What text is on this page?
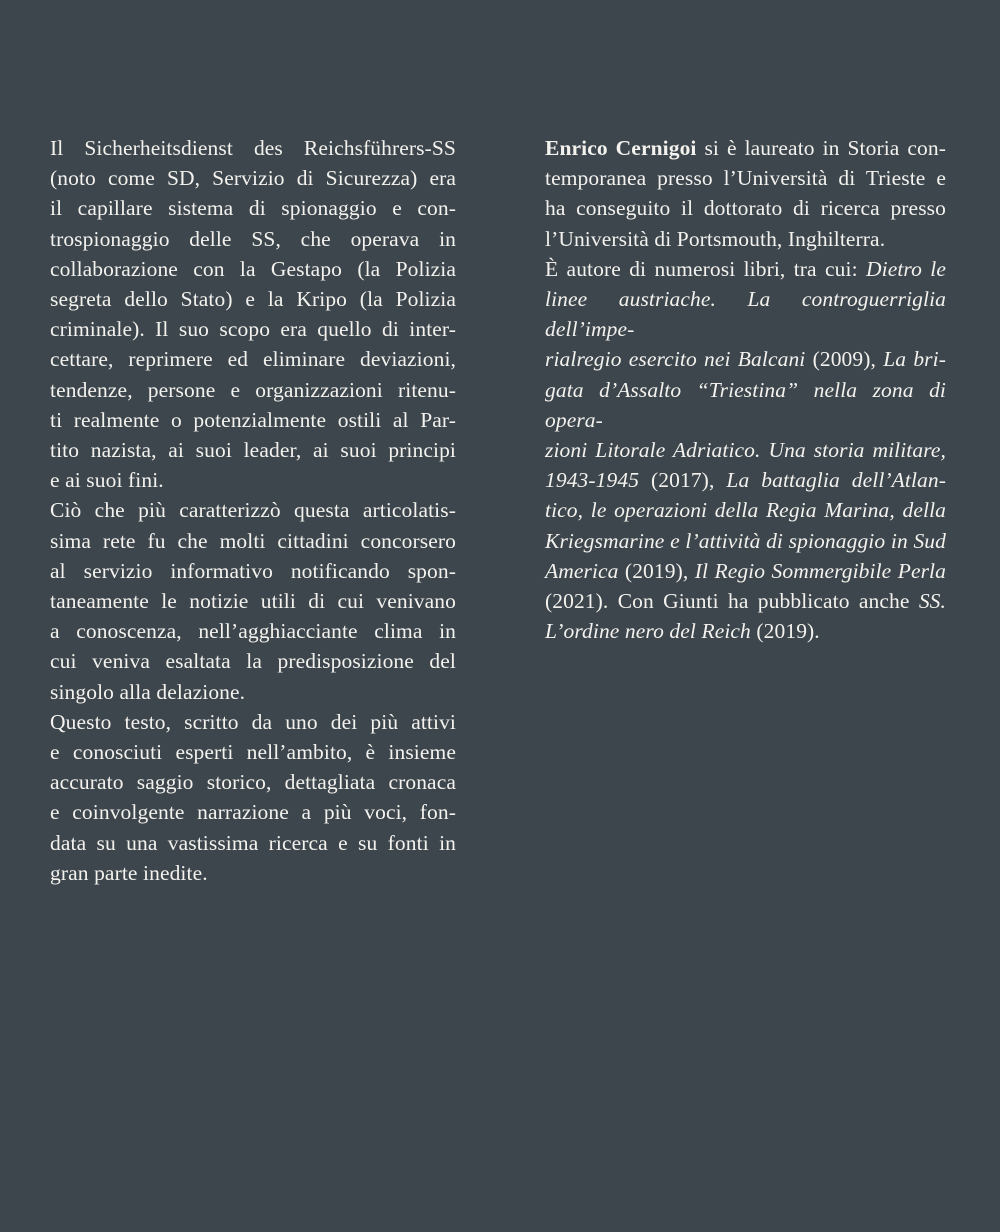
Il Sicherheitsdienst des Reichsführers-SS
(noto come SD, Servizio di Sicurezza) era
il capillare sistema di spionaggio e con-
trospionaggio delle SS, che operava in
collaborazione con la Gestapo (la Polizia
segreta dello Stato) e la Kripo (la Polizia
criminale). Il suo scopo era quello di inter-
cettare, reprimere ed eliminare deviazioni,
tendenze, persone e organizzazioni ritenu-
ti realmente o potenzialmente ostili al Par-
tito nazista, ai suoi leader, ai suoi principi
e ai suoi fini.
Ciò che più caratterizzò questa articolatis-
sima rete fu che molti cittadini concorsero
al servizio informativo notificando spon-
taneamente le notizie utili di cui venivano
a conoscenza, nell’agghiacciante clima in
cui veniva esaltata la predisposizione del
singolo alla delazione.
Questo testo, scritto da uno dei più attivi
e conosciuti esperti nell’ambito, è insieme
accurato saggio storico, dettagliata cronaca
e coinvolgente narrazione a più voci, fon-
data su una vastissima ricerca e su fonti in
gran parte inedite.
Enrico Cernigoi si è laureato in Storia con-
temporanea presso l’Università di Trieste e
ha conseguito il dottorato di ricerca presso
l’Università di Portsmouth, Inghilterra.
È autore di numerosi libri, tra cui: Dietro le
linee austriache. La controguerriglia dell’impe-
rialregio esercito nei Balcani (2009), La bri-
gata d’Assalto “Triestina” nella zona di opera-
zioni Litorale Adriatico. Una storia militare,
1943-1945 (2017), La battaglia dell’Atlan-
tico, le operazioni della Regia Marina, della
Kriegsmarine e l’attività di spionaggio in Sud
America (2019), Il Regio Sommergibile Perla
(2021). Con Giunti ha pubblicato anche SS.
L’ordine nero del Reich (2019).
